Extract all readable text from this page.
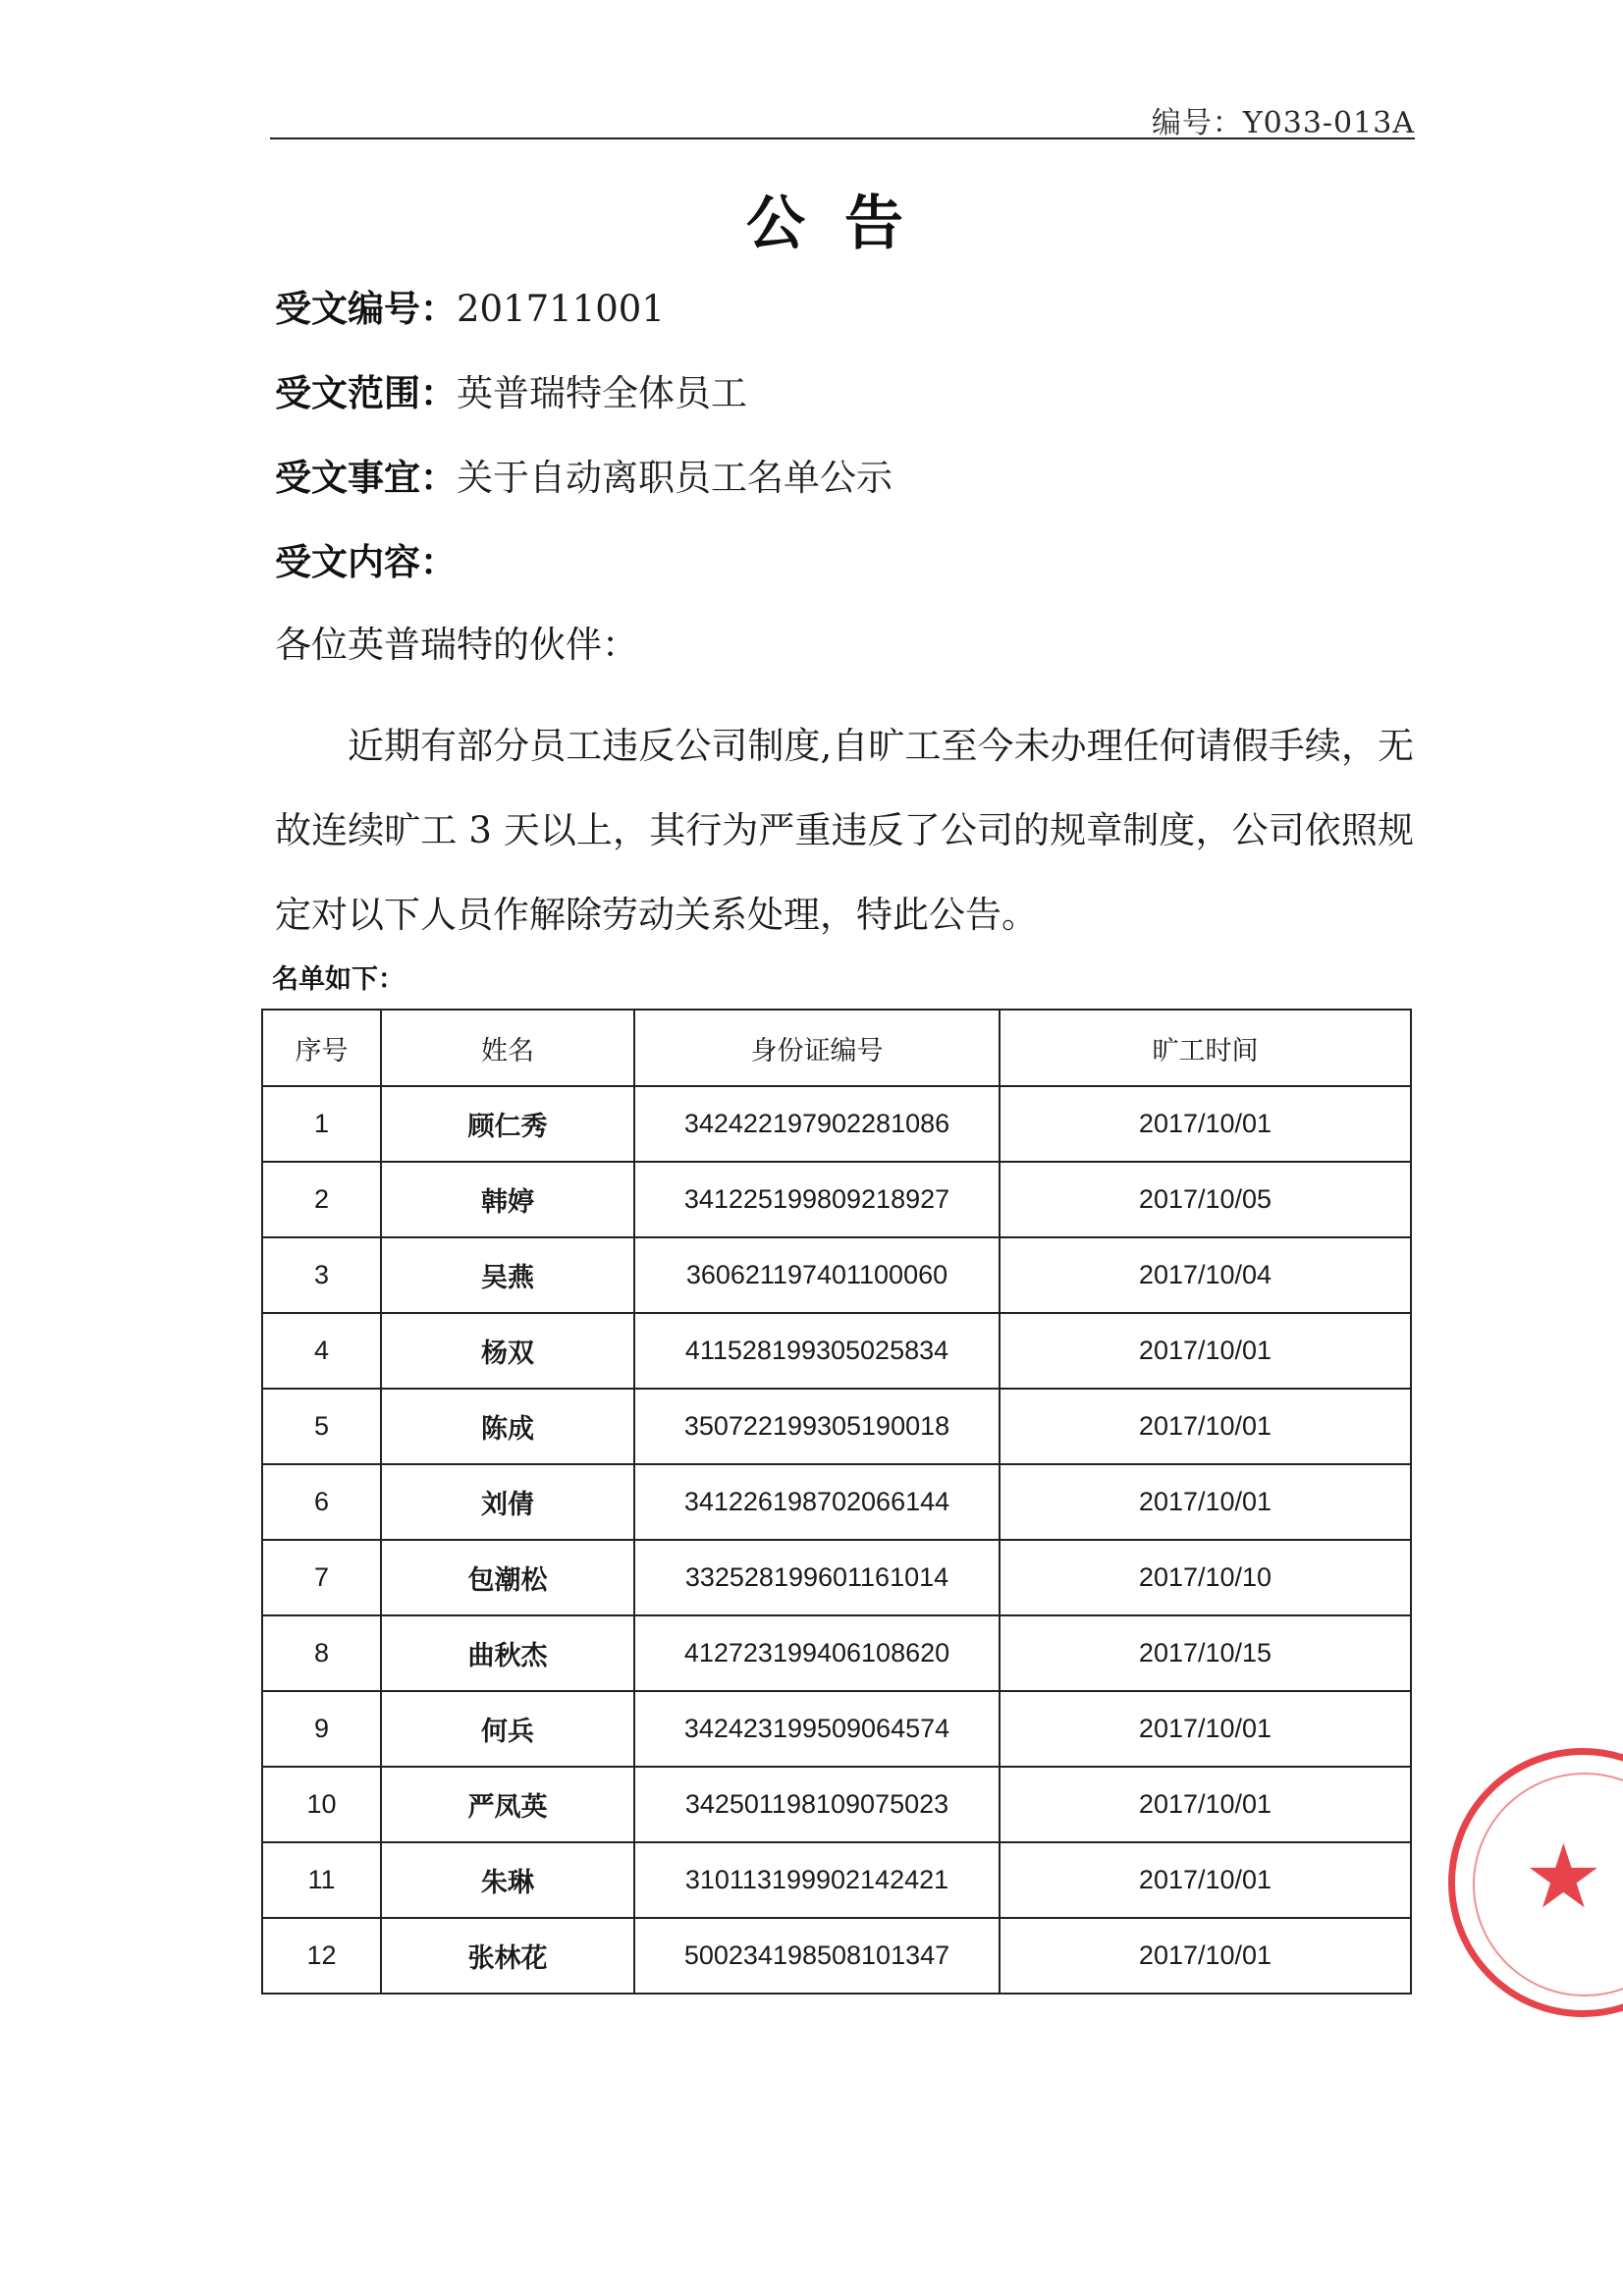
编号：Y033-013A
公告
受文编号：201711001
受文范围：英普瑞特全体员工
受文事宜：关于自动离职员工名单公示
受文内容：
各位英普瑞特的伙伴：
近期有部分员工违反公司制度,自旷工至今未办理任何请假手续，无故连续旷工 3 天以上，其行为严重违反了公司的规章制度，公司依照规定对以下人员作解除劳动关系处理，特此公告。
名单如下：
序号	姓名	身份证编号	旷工时间
1	顾仁秀	342422197902281086	2017/10/01
2	韩婷	341225199809218927	2017/10/05
3	吴燕	360621197401100060	2017/10/04
4	杨双	411528199305025834	2017/10/01
5	陈成	350722199305190018	2017/10/01
6	刘倩	341226198702066144	2017/10/01
7	包潮松	332528199601161014	2017/10/10
8	曲秋杰	412723199406108620	2017/10/15
9	何兵	342423199509064574	2017/10/01
10	严凤英	342501198109075023	2017/10/01
11	朱琳	310113199902142421	2017/10/01
12	张林花	500234198508101347	2017/10/01
★
